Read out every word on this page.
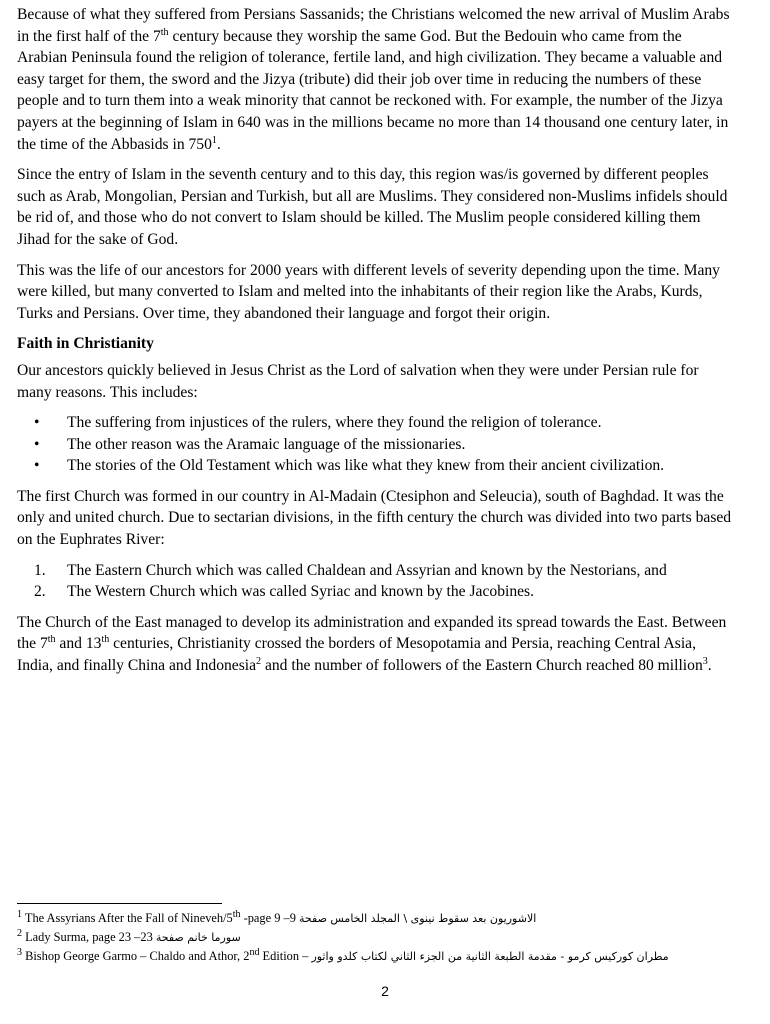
Because of what they suffered from Persians Sassanids; the Christians welcomed the new arrival of Muslim Arabs in the first half of the 7th century because they worship the same God. But the Bedouin who came from the Arabian Peninsula found the religion of tolerance, fertile land, and high civilization. They became a valuable and easy target for them, the sword and the Jizya (tribute) did their job over time in reducing the numbers of these people and to turn them into a weak minority that cannot be reckoned with. For example, the number of the Jizya payers at the beginning of Islam in 640 was in the millions became no more than 14 thousand one century later, in the time of the Abbasids in $750^1$.

Since the entry of Islam in the seventh century and to this day, this region was/is governed by different peoples such as Arab, Mongolian, Persian and Turkish, but all are Muslims. They considered non-Muslims infidels should be rid of, and those who do not convert to Islam should be killed. The Muslim people considered killing them Jihad for the sake of God.

This was the life of our ancestors for 2000 years with different levels of severity depending upon the time. Many were killed, but many converted to Islam and melted into the inhabitants of their region like the Arabs, Kurds, Turks and Persians. Over time, they abandoned their language and forgot their origin.

Faith in Christianity

Our ancestors quickly believed in Jesus Christ as the Lord of salvation when they were under Persian rule for many reasons. This includes:

• The suffering from injustices of the rulers, where they found the religion of tolerance.
• The other reason was the Aramaic language of the missionaries.
• The stories of the Old Testament which was like what they knew from their ancient civilization.

The first Church was formed in our country in Al-Madain (Ctesiphon and Seleucia), south of Baghdad. It was the only and united church. Due to sectarian divisions, in the fifth century the church was divided into two parts based on the Euphrates River:

1. The Eastern Church which was called Chaldean and Assyrian and known by the Nestorians, and
2. The Western Church which was called Syriac and known by the Jacobines.

The Church of the East managed to develop its administration and expanded its spread towards the East. Between the 7th and 13th centuries, Christianity crossed the borders of Mesopotamia and Persia, reaching Central Asia, India, and finally China and Indonesia$^2$ and the number of followers of the Eastern Church reached 80 million$^3$.

$^1$ The Assyrians After the Fall of Nineveh/5th -page 9 –9 الاشوريون بعد سقوط نينوى \ المجلد الخامس صفحة
$^2$ Lady Surma, page 23 –23 سورما خانم صفحة
$^3$ Bishop George Garmo – Chaldo and Athor, 2nd Edition – مطران كوركيس كرمو - مقدمة الطبعة الثانية من الجزء الثاني لكتاب كلدو واثور
2
